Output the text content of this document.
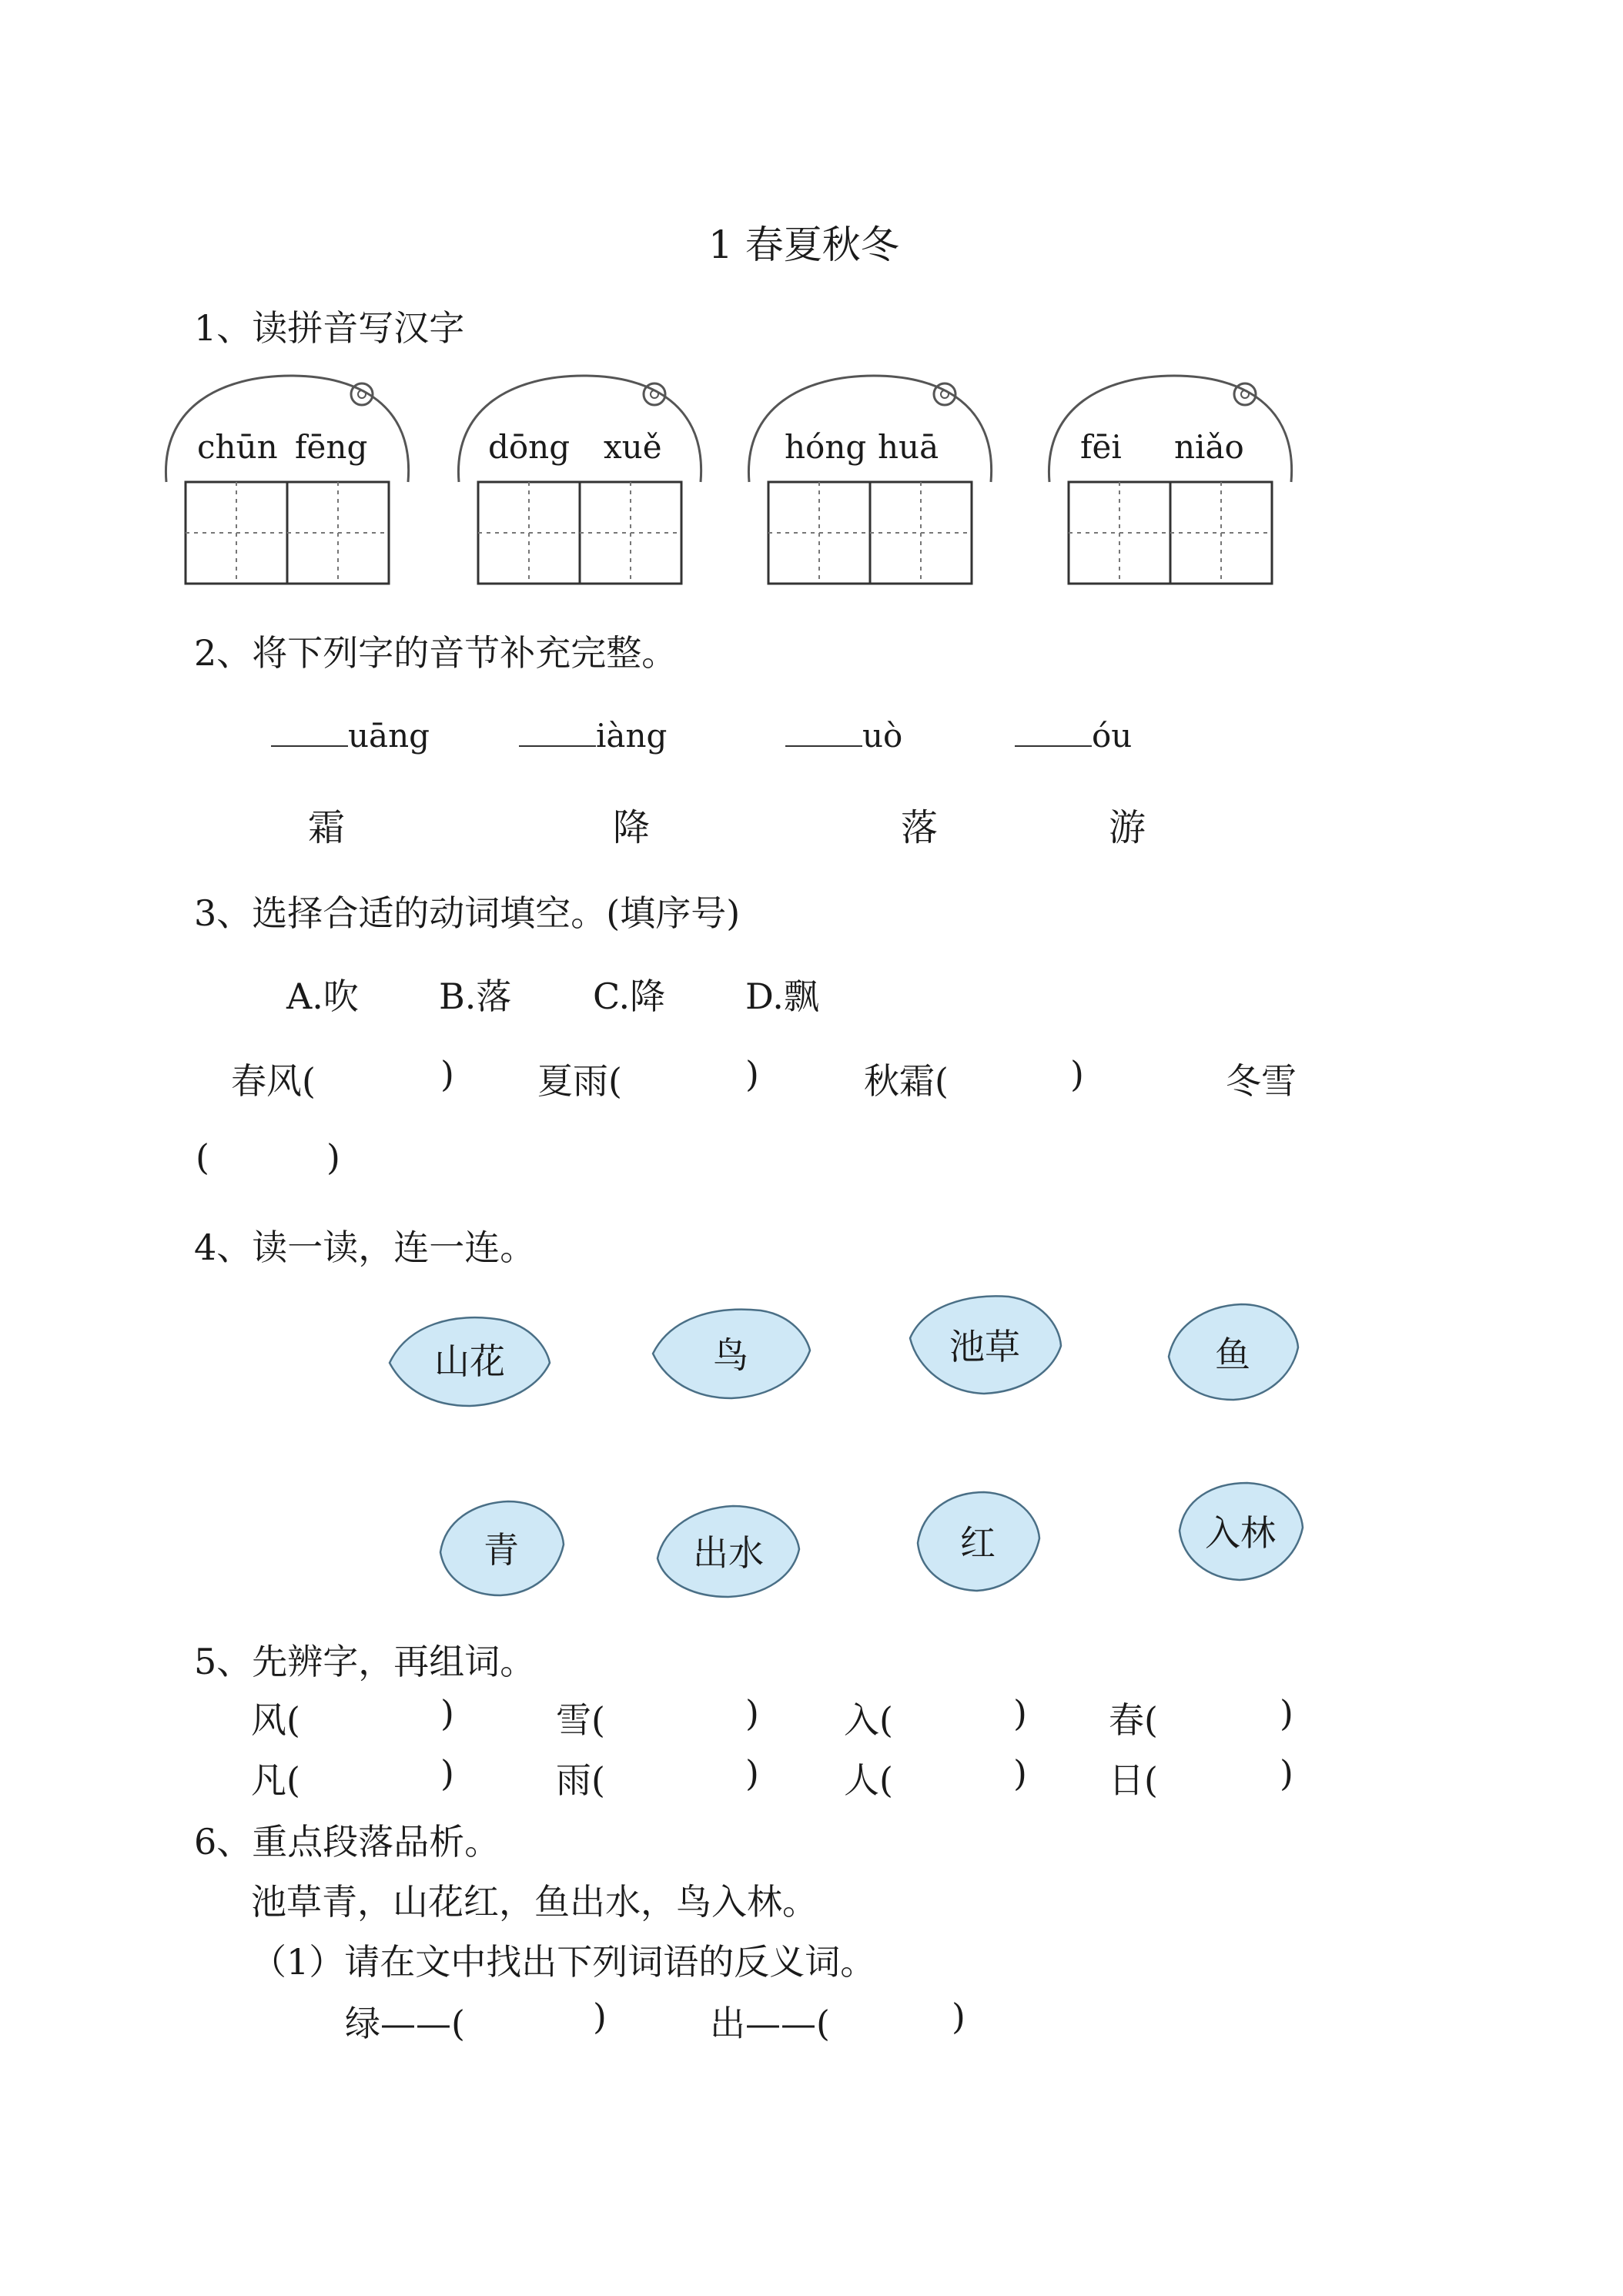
1 春夏秋冬
1、读拼音写汉字
chūn fēng	dōng	xuě	hóng huā	fēi	niǎo
2、将下列字的音节补充完整。
uāng	iàng	uò	óu
霜	降	落	游
3、选择合适的动词填空。(填序号)
A.吹 B.落 C.降 D.飘
春风(	) 夏雨(	)	秋霜(	)	冬雪
(	)
4、读一读，连一连。
山花	鸟	池草	鱼
青	出水	红	入林
5、先辨字，再组词。
风(	)	雪(	) 入(	) 春(	)
凡(	)	雨(	) 人(	) 日(	)
6、重点段落品析。
池草青，山花红，鱼出水，鸟入林。
（1）请在文中找出下列词语的反义词。
绿——(	)	出——(	)
